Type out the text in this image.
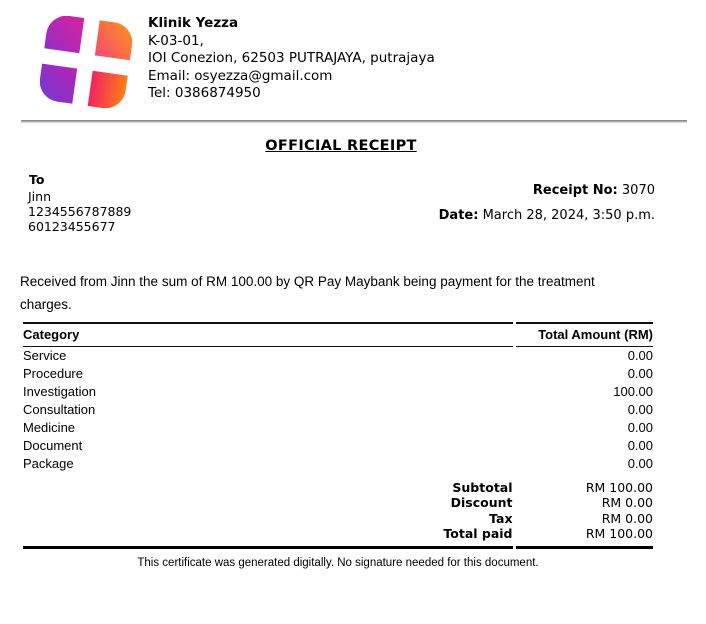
Klinik Yezza
K-03-01,
IOI Conezion, 62503 PUTRAJAYA, putrajaya
Email: osyezza@gmail.com
Tel: 0386874950
OFFICIAL RECEIPT
To
Jinn
1234556787889
60123455677
Receipt No: 3070
Date: March 28, 2024, 3:50 p.m.
Received from Jinn the sum of RM 100.00 by QR Pay Maybank being payment for the treatment charges.
Category	Total Amount (RM)
Service	0.00
Procedure	0.00
Investigation	100.00
Consultation	0.00
Medicine	0.00
Document	0.00
Package	0.00

Subtotal	RM 100.00
Discount	RM 0.00
Tax	RM 0.00
Total paid	RM 100.00
This certificate was generated digitally. No signature needed for this document.
